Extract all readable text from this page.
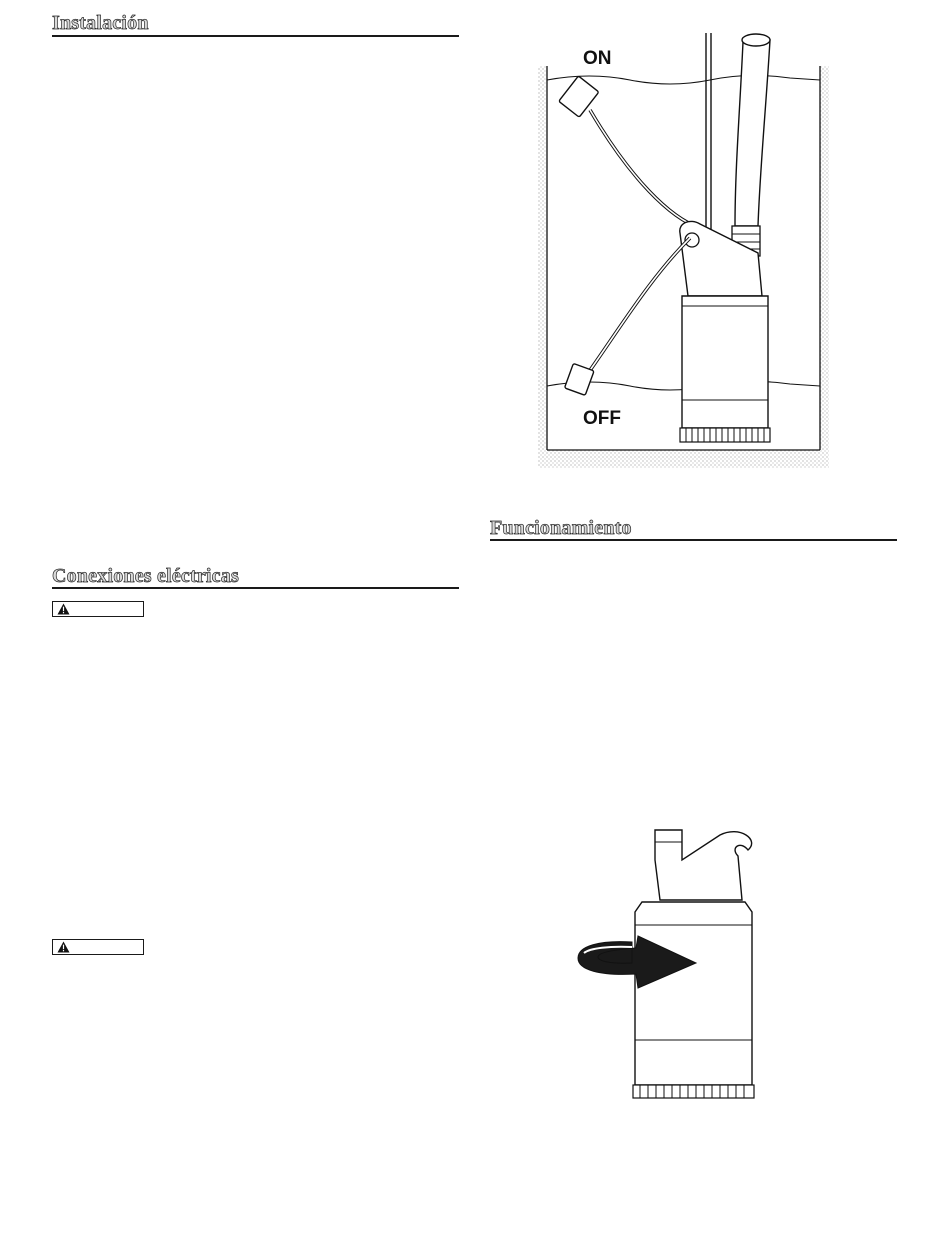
Instalación
Conexiones eléctricas
ON
OFF
Funcionamiento
